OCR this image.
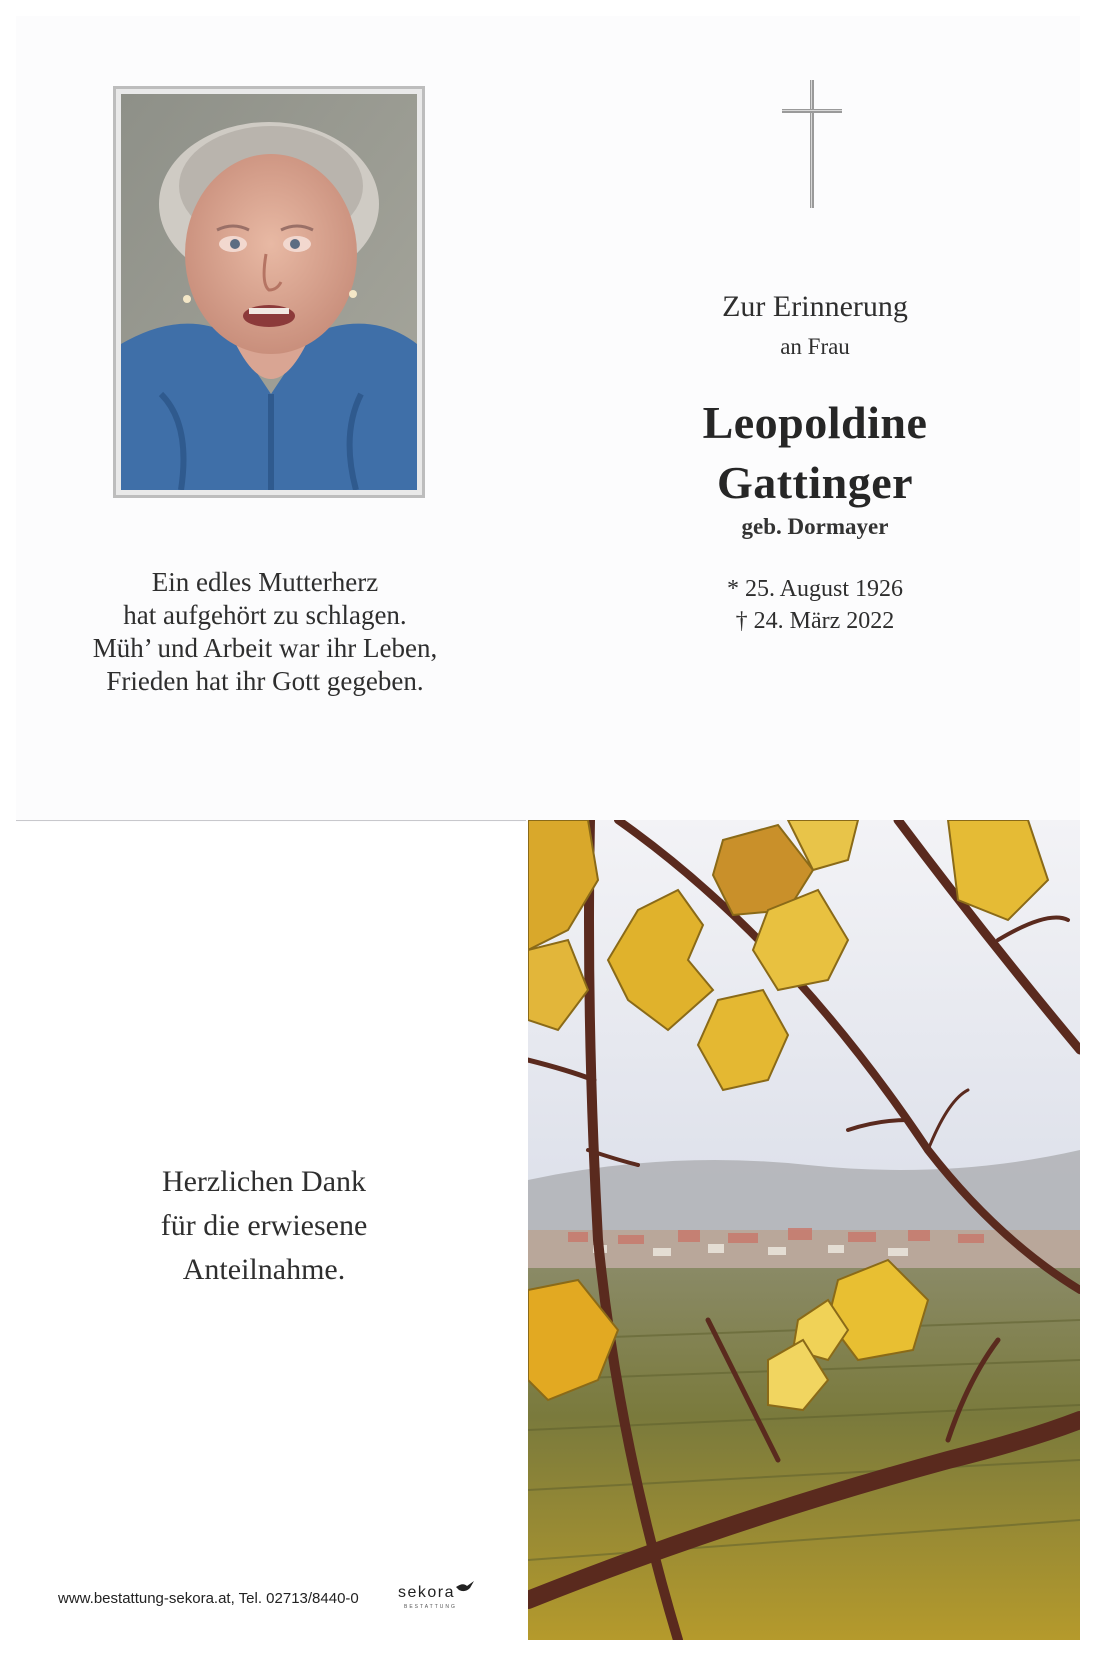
Ein edles Mutterherz
hat aufgehört zu schlagen.
Müh’ und Arbeit war ihr Leben,
Frieden hat ihr Gott gegeben.
Zur Erinnerung
an Frau
Leopoldine
Gattinger
geb. Dormayer
* 25. August 1926
† 24. März 2022
Herzlichen Dank
für die erwiesene
Anteilnahme.
www.bestattung-sekora.at, Tel. 02713/8440-0 sekora
BESTATTUNG
